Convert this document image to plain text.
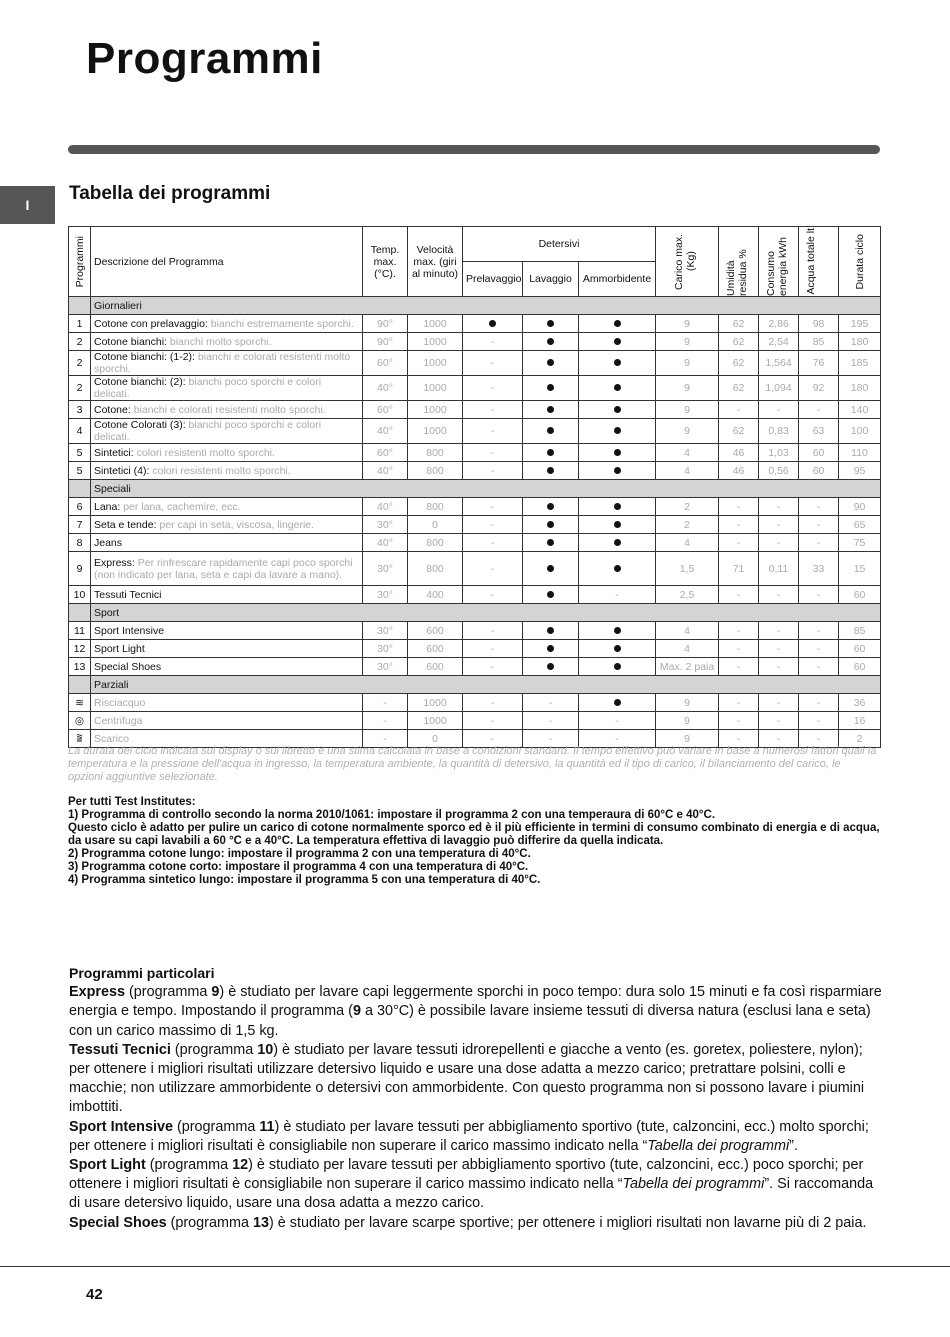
Programmi
I
Tabella dei programmi
Programmi	Descrizione del Programma	Temp. max. (°C).	Velocità max. (giri al minuto)	Detersivi			Carico max. (Kg)	Umidità residua %	Consumo energia kWh	Acqua totale lt	Durata ciclo

				Prelavaggio	Lavaggio	Ammorbidente					
	Giornalieri										
1	Cotone con prelavaggio: bianchi estremamente sporchi.	90°	1000				9	62	2,86	98	195
2	Cotone bianchi: bianchi molto sporchi.	90°	1000	-			9	62	2,54	85	180
2	Cotone bianchi: (1-2): bianchi e colorati resistenti molto sporchi.	60°	1000	-			9	62	1,564	76	185
2	Cotone bianchi: (2): bianchi poco sporchi e colori delicati.	40°	1000	-			9	62	1,094	92	180
3	Cotone: bianchi e colorati resistenti molto sporchi.	60°	1000	-			9	-	-	-	140
4	Cotone Colorati (3): bianchi poco sporchi e colori delicati.	40°	1000	-			9	62	0,83	63	100
5	Sintetici: colori resistenti molto sporchi.	60°	800	-			4	46	1,03	60	110
5	Sintetici (4): colori resistenti molto sporchi.	40°	800	-			4	46	0,56	60	95
	Speciali										
6	Lana: per lana, cachemire, ecc.	40°	800	-			2	-	-	-	90
7	Seta e tende: per capi in seta, viscosa, lingerie.	30°	0	-			2	-	-	-	65
8	Jeans	40°	800	-			4	-	-	-	75
9	Express: Per rinfrescare rapidamente capi poco sporchi (non indicato per lana, seta e capi da lavare a mano).	30°	800	-			1,5	71	0,11	33	15
10	Tessuti Tecnici	30°	400	-		-	2,5	-	-	-	60
	Sport										
11	Sport Intensive	30°	600	-			4	-	-	-	85
12	Sport Light	30°	600	-			4	-	-	-	60
13	Special Shoes	30°	600	-			Max. 2 paia	-	-	-	60
	Parziali										
≋	Risciacquo	-	1000	-	-		9	-	-	-	36
◎	Centrifuga	-	1000	-	-	-	9	-	-	-	16
⩰	Scarico	-	0	-	-	-	9	-	-	-	2
La durata del ciclo indicata sul display o sul libretto è una stima calcolata in base a condizioni standard. Il tempo effettivo può variare in base a numerosi fattori quali la temperatura e la pressione dell'acqua in ingresso, la temperatura ambiente, la quantità di detersivo, la quantità ed il tipo di carico, il bilanciamento del carico, le opzioni aggiuntive selezionate.
Per tutti Test Institutes:
1) Programma di controllo secondo la norma 2010/1061: impostare il programma 2 con una temperaura di 60°C e 40°C.
Questo ciclo è adatto per pulire un carico di cotone normalmente sporco ed è il più efficiente in termini di consumo combinato di energia e di acqua, da usare su capi lavabili a 60 °C e a 40°C. La temperatura effettiva di lavaggio può differire da quella indicata.
2) Programma cotone lungo: impostare il programma 2 con una temperatura di 40°C.
3) Programma cotone corto: impostare il programma 4 con una temperatura di 40°C.
4) Programma sintetico lungo: impostare il programma 5 con una temperatura di 40°C.
Programmi particolari

Express (programma 9) è studiato per lavare capi leggermente sporchi in poco tempo: dura solo 15 minuti e fa così risparmiare energia e tempo. Impostando il programma (9 a 30°C) è possibile lavare insieme tessuti di diversa natura (esclusi lana e seta) con un carico massimo di 1,5 kg.

Tessuti Tecnici (programma 10) è studiato per lavare tessuti idrorepellenti e giacche a vento (es. goretex, poliestere, nylon); per ottenere i migliori risultati utilizzare detersivo liquido e usare una dose adatta a mezzo carico; pretrattare polsini, colli e macchie; non utilizzare ammorbidente o detersivi con ammorbidente. Con questo programma non si possono lavare i piumini imbottiti.

Sport Intensive (programma 11) è studiato per lavare tessuti per abbigliamento sportivo (tute, calzoncini, ecc.) molto sporchi; per ottenere i migliori risultati è consigliabile non superare il carico massimo indicato nella “Tabella dei programmi”.

Sport Light (programma 12) è studiato per lavare tessuti per abbigliamento sportivo (tute, calzoncini, ecc.) poco sporchi; per ottenere i migliori risultati è consigliabile non superare il carico massimo indicato nella “Tabella dei programmi”. Si raccomanda di usare detersivo liquido, usare una dosa adatta a mezzo carico.

Special Shoes (programma 13) è studiato per lavare scarpe sportive; per ottenere i migliori risultati non lavarne più di 2 paia.

42
